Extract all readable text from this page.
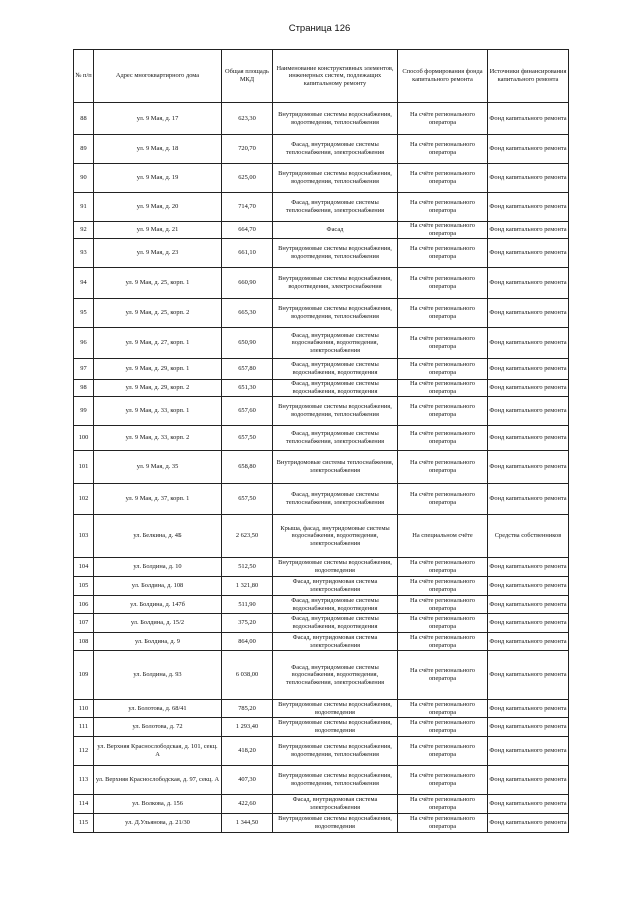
Страница 126
№ п/п	Адрес многоквартирного дома	Общая площадь МКД	Наименование конструктивных элементов, инженерных систем, подлежащих капитальному ремонту	Способ формирования фонда капитального ремонта	Источники финансирования капитального ремонта
88	ул. 9 Мая, д. 17	623,30	Внутридомовые системы водоснабжения, водоотведения, теплоснабжения	На счёте регионального оператора	Фонд капитального ремонта
89	ул. 9 Мая, д. 18	720,70	Фасад, внутридомовые системы теплоснабжения, электроснабжения	На счёте регионального оператора	Фонд капитального ремонта
90	ул. 9 Мая, д. 19	625,00	Внутридомовые системы водоснабжения, водоотведения, теплоснабжения	На счёте регионального оператора	Фонд капитального ремонта
91	ул. 9 Мая, д. 20	714,70	Фасад, внутридомовые системы теплоснабжения, электроснабжения	На счёте регионального оператора	Фонд капитального ремонта
92	ул. 9 Мая, д. 21	664,70	Фасад	На счёте регионального оператора	Фонд капитального ремонта
93	ул. 9 Мая, д. 23	661,10	Внутридомовые системы водоснабжения, водоотведения, теплоснабжения	На счёте регионального оператора	Фонд капитального ремонта
94	ул. 9 Мая, д. 25, корп. 1	660,90	Внутридомовые системы водоснабжения, водоотведения, электроснабжения	На счёте регионального оператора	Фонд капитального ремонта
95	ул. 9 Мая, д. 25, корп. 2	665,30	Внутридомовые системы водоснабжения, водоотведения, теплоснабжения	На счёте регионального оператора	Фонд капитального ремонта
96	ул. 9 Мая, д. 27, корп. 1	650,90	Фасад, внутридомовые системы водоснабжения, водоотведения, электроснабжения	На счёте регионального оператора	Фонд капитального ремонта
97	ул. 9 Мая, д. 29, корп. 1	657,80	Фасад, внутридомовые системы водоснабжения, водоотведения	На счёте регионального оператора	Фонд капитального ремонта
98	ул. 9 Мая, д. 29, корп. 2	651,30	Фасад, внутридомовые системы водоснабжения, водоотведения	На счёте регионального оператора	Фонд капитального ремонта
99	ул. 9 Мая, д. 33, корп. 1	657,60	Внутридомовые системы водоснабжения, водоотведения, теплоснабжения	На счёте регионального оператора	Фонд капитального ремонта
100	ул. 9 Мая, д. 33, корп. 2	657,50	Фасад, внутридомовые системы теплоснабжения, электроснабжения	На счёте регионального оператора	Фонд капитального ремонта
101	ул. 9 Мая, д. 35	658,80	Внутридомовые системы теплоснабжения, электроснабжения	На счёте регионального оператора	Фонд капитального ремонта
102	ул. 9 Мая, д. 37, корп. 1	657,50	Фасад, внутридомовые системы теплоснабжения, электроснабжения	На счёте регионального оператора	Фонд капитального ремонта
103	ул. Белкина, д. 4Б	2 623,50	Крыша, фасад, внутридомовые системы водоснабжения, водоотведения, электроснабжения	На специальном счёте	Средства собственников
104	ул. Болдина, д. 10	512,50	Внутридомовые системы водоснабжения, водоотведения	На счёте регионального оператора	Фонд капитального ремонта
105	ул. Болдина, д. 108	1 321,80	Фасад, внутридомовая система электроснабжения	На счёте регионального оператора	Фонд капитального ремонта
106	ул. Болдина, д. 147б	511,90	Фасад, внутридомовые системы водоснабжения, водоотведения	На счёте регионального оператора	Фонд капитального ремонта
107	ул. Болдина, д. 15/2	375,20	Фасад, внутридомовые системы водоснабжения, водоотведения	На счёте регионального оператора	Фонд капитального ремонта
108	ул. Болдина, д. 9	864,00	Фасад, внутридомовая система электроснабжения	На счёте регионального оператора	Фонд капитального ремонта
109	ул. Болдина, д. 93	6 038,00	Фасад, внутридомовые системы водоснабжения, водоотведения, теплоснабжения, электроснабжения	На счёте регионального оператора	Фонд капитального ремонта
110	ул. Болотова, д. 68/41	785,20	Внутридомовые системы водоснабжения, водоотведения	На счёте регионального оператора	Фонд капитального ремонта
111	ул. Болотова, д. 72	1 293,40	Внутридомовые системы водоснабжения, водоотведения	На счёте регионального оператора	Фонд капитального ремонта
112	ул. Верхняя Краснослободская, д. 101, секц. А	418,20	Внутридомовые системы водоснабжения, водоотведения, теплоснабжения	На счёте регионального оператора	Фонд капитального ремонта
113	ул. Верхняя Краснослободская, д. 97, секц. А	407,30	Внутридомовые системы водоснабжения, водоотведения, теплоснабжения	На счёте регионального оператора	Фонд капитального ремонта
114	ул. Волкова, д. 156	422,60	Фасад, внутридомовая система электроснабжения	На счёте регионального оператора	Фонд капитального ремонта
115	ул. Д.Ульянова, д. 21/30	1 344,50	Внутридомовые системы водоснабжения, водоотведения	На счёте регионального оператора	Фонд капитального ремонта
